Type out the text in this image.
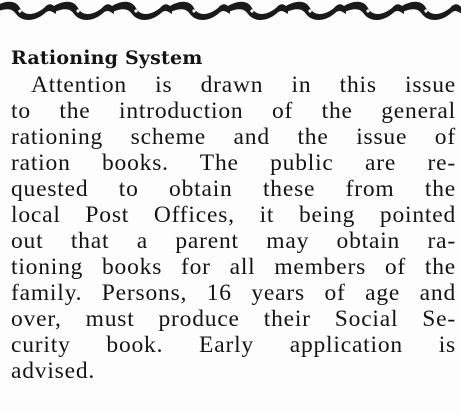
Rationing System
Attention is drawn in this issue
to the introduction of the general
rationing scheme and the issue of
ration books. The public are re-
quested to obtain these from the
local Post Offices, it being pointed
out that a parent may obtain ra-
tioning books for all members of the
family. Persons, 16 years of age and
over, must produce their Social Se-
curity book. Early application is
advised.
